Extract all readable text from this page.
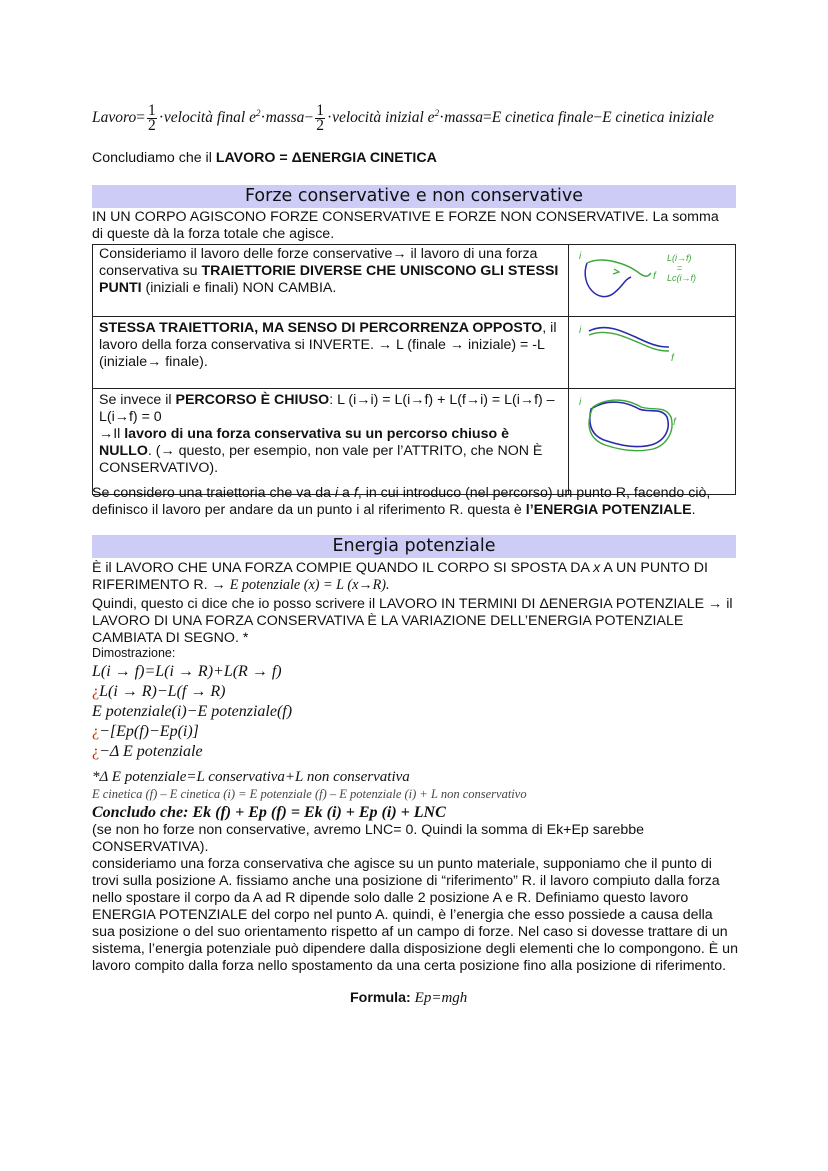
Lavoro= $\frac{1}{2}$ ·velocità final $e^2\cdot massa- \frac{1}{2}$ ·velocità inizial $e^2\cdot massa=E$ cinetica finale−E cinetica iniziale
Concludiamo che il LAVORO = ΔENERGIA CINETICA
Forze conservative e non conservative
IN UN CORPO AGISCONO FORZE CONSERVATIVE E FORZE NON CONSERVATIVE. La somma di queste dà la forza totale che agisce.
Consideriamo il lavoro delle forze conservative→ il lavoro di una forza conservativa su TRAIETTORIE DIVERSE CHE UNISCONO GLI STESSI PUNTI (iniziali e finali) NON CAMBIA.	i
f
L(i→f)
=
Lc(i→f)

STESSA TRAIETTORIA, MA SENSO DI PERCORRENZA OPPOSTO, il lavoro della forza conservativa si INVERTE. → L (finale → iniziale) = -L (iniziale→ finale).	i
f

Se invece il PERCORSO È CHIUSO: L (i→i) = L(i→f) + L(f→i) = L(i→f) – L(i→f) = 0
→Il lavoro di una forza conservativa su un percorso chiuso è NULLO. (→ questo, per esempio, non vale per l’ATTRITO, che NON È CONSERVATIVO).	i
f
Se considero una traiettoria che va da i a f, in cui introduco (nel percorso) un punto R, facendo ciò, definisco il lavoro per andare da un punto i al riferimento R. questa è l’ENERGIA POTENZIALE.
Energia potenziale
È il LAVORO CHE UNA FORZA COMPIE QUANDO IL CORPO SI SPOSTA DA x A UN PUNTO DI RIFERIMENTO R. → E potenziale (x) = L (x→R).
Quindi, questo ci dice che io posso scrivere il LAVORO IN TERMINI DI ΔENERGIA POTENZIALE → il LAVORO DI UNA FORZA CONSERVATIVA È LA VARIAZIONE DELL’ENERGIA POTENZIALE CAMBIATA DI SEGNO. *
Dimostrazione:
L(i → f)=L(i → R)+L(R → f)
¿L(i → R)−L(f → R)
E potenziale(i)−E potenziale(f)
¿−[Ep(f)−Ep(i)]
¿−Δ E potenziale
*Δ E potenziale=L conservativa+L non conservativa
E cinetica (f) – E cinetica (i) = E potenziale (f) – E potenziale (i) + L non conservativo
Concludo che: Ek (f) + Ep (f) = Ek (i) + Ep (i) + LNC
(se non ho forze non conservative, avremo LNC= 0. Quindi la somma di Ek+Ep sarebbe CONSERVATIVA).
consideriamo una forza conservativa che agisce su un punto materiale, supponiamo che il punto di trovi sulla posizione A. fissiamo anche una posizione di “riferimento” R. il lavoro compiuto dalla forza nello spostare il corpo da A ad R dipende solo dalle 2 posizione A e R. Definiamo questo lavoro ENERGIA POTENZIALE del corpo nel punto A. quindi, è l’energia che esso possiede a causa della sua posizione o del suo orientamento rispetto af un campo di forze. Nel caso si dovesse trattare di un sistema, l’energia potenziale può dipendere dalla disposizione degli elementi che lo compongono. È un lavoro compito dalla forza nello spostamento da una certa posizione fino alla posizione di riferimento.
Formula: Ep=mgh
